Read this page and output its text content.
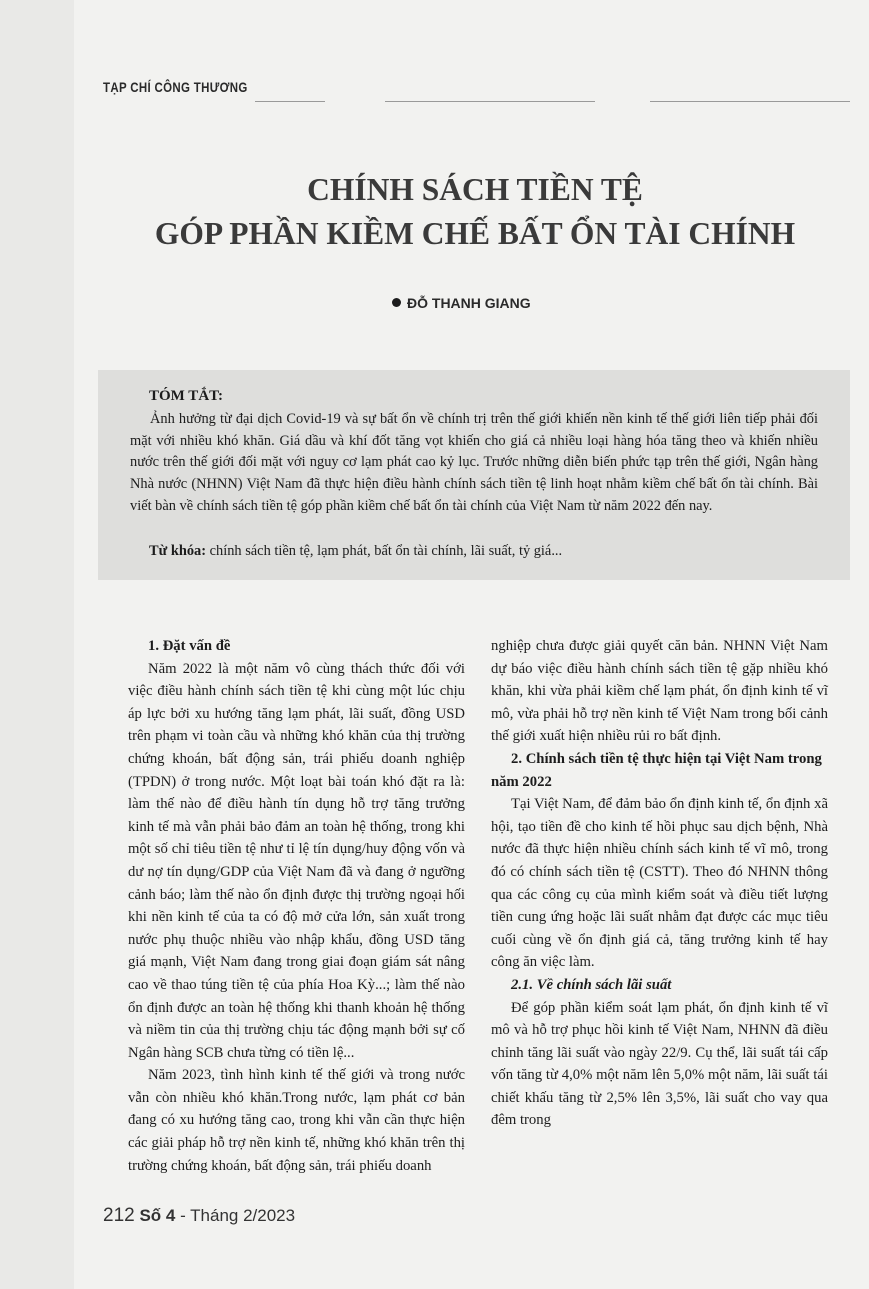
TẠP CHÍ CÔNG THƯƠNG
CHÍNH SÁCH TIỀN TỆ
GÓP PHẦN KIỀM CHẾ BẤT ỔN TÀI CHÍNH
ĐỖ THANH GIANG
TÓM TẮT:

Ảnh hưởng từ đại dịch Covid-19 và sự bất ổn về chính trị trên thế giới khiến nền kinh tế thế giới liên tiếp phải đối mặt với nhiều khó khăn. Giá dầu và khí đốt tăng vọt khiến cho giá cả nhiều loại hàng hóa tăng theo và khiến nhiều nước trên thế giới đối mặt với nguy cơ lạm phát cao kỷ lục. Trước những diễn biến phức tạp trên thế giới, Ngân hàng Nhà nước (NHNN) Việt Nam đã thực hiện điều hành chính sách tiền tệ linh hoạt nhằm kiềm chế bất ổn tài chính. Bài viết bàn về chính sách tiền tệ góp phần kiềm chế bất ổn tài chính của Việt Nam từ năm 2022 đến nay.

Từ khóa: chính sách tiền tệ, lạm phát, bất ổn tài chính, lãi suất, tỷ giá...
1. Đặt vấn đề

Năm 2022 là một năm vô cùng thách thức đối với việc điều hành chính sách tiền tệ khi cùng một lúc chịu áp lực bởi xu hướng tăng lạm phát, lãi suất, đồng USD trên phạm vi toàn cầu và những khó khăn của thị trường chứng khoán, bất động sản, trái phiếu doanh nghiệp (TPDN) ở trong nước. Một loạt bài toán khó đặt ra là: làm thế nào để điều hành tín dụng hỗ trợ tăng trưởng kinh tế mà vẫn phải bảo đảm an toàn hệ thống, trong khi một số chỉ tiêu tiền tệ như tỉ lệ tín dụng/huy động vốn và dư nợ tín dụng/GDP của Việt Nam đã và đang ở ngưỡng cảnh báo; làm thế nào ổn định được thị trường ngoại hối khi nền kinh tế của ta có độ mở cửa lớn, sản xuất trong nước phụ thuộc nhiều vào nhập khẩu, đồng USD tăng giá mạnh, Việt Nam đang trong giai đoạn giám sát nâng cao về thao túng tiền tệ của phía Hoa Kỳ...; làm thế nào ổn định được an toàn hệ thống khi thanh khoản hệ thống và niềm tin của thị trường chịu tác động mạnh bởi sự cố Ngân hàng SCB chưa từng có tiền lệ...

Năm 2023, tình hình kinh tế thế giới và trong nước vẫn còn nhiều khó khăn.Trong nước, lạm phát cơ bản đang có xu hướng tăng cao, trong khi vẫn cần thực hiện các giải pháp hỗ trợ nền kinh tế, những khó khăn trên thị trường chứng khoán, bất động sản, trái phiếu doanh

nghiệp chưa được giải quyết căn bản. NHNN Việt Nam dự báo việc điều hành chính sách tiền tệ gặp nhiều khó khăn, khi vừa phải kiềm chế lạm phát, ổn định kinh tế vĩ mô, vừa phải hỗ trợ nền kinh tế Việt Nam trong bối cảnh thế giới xuất hiện nhiều rủi ro bất định.

2. Chính sách tiền tệ thực hiện tại Việt Nam trong năm 2022

Tại Việt Nam, để đảm bảo ổn định kinh tế, ổn định xã hội, tạo tiền đề cho kinh tế hồi phục sau dịch bệnh, Nhà nước đã thực hiện nhiều chính sách kinh tế vĩ mô, trong đó có chính sách tiền tệ (CSTT). Theo đó NHNN thông qua các công cụ của mình kiểm soát và điều tiết lượng tiền cung ứng hoặc lãi suất nhằm đạt được các mục tiêu cuối cùng về ổn định giá cả, tăng trưởng kinh tế hay công ăn việc làm.

2.1. Về chính sách lãi suất

Để góp phần kiểm soát lạm phát, ổn định kinh tế vĩ mô và hỗ trợ phục hồi kinh tế Việt Nam, NHNN đã điều chỉnh tăng lãi suất vào ngày 22/9. Cụ thể, lãi suất tái cấp vốn tăng từ 4,0% một năm lên 5,0% một năm, lãi suất tái chiết khấu tăng từ 2,5% lên 3,5%, lãi suất cho vay qua đêm trong

212 Số 4 - Tháng 2/2023
